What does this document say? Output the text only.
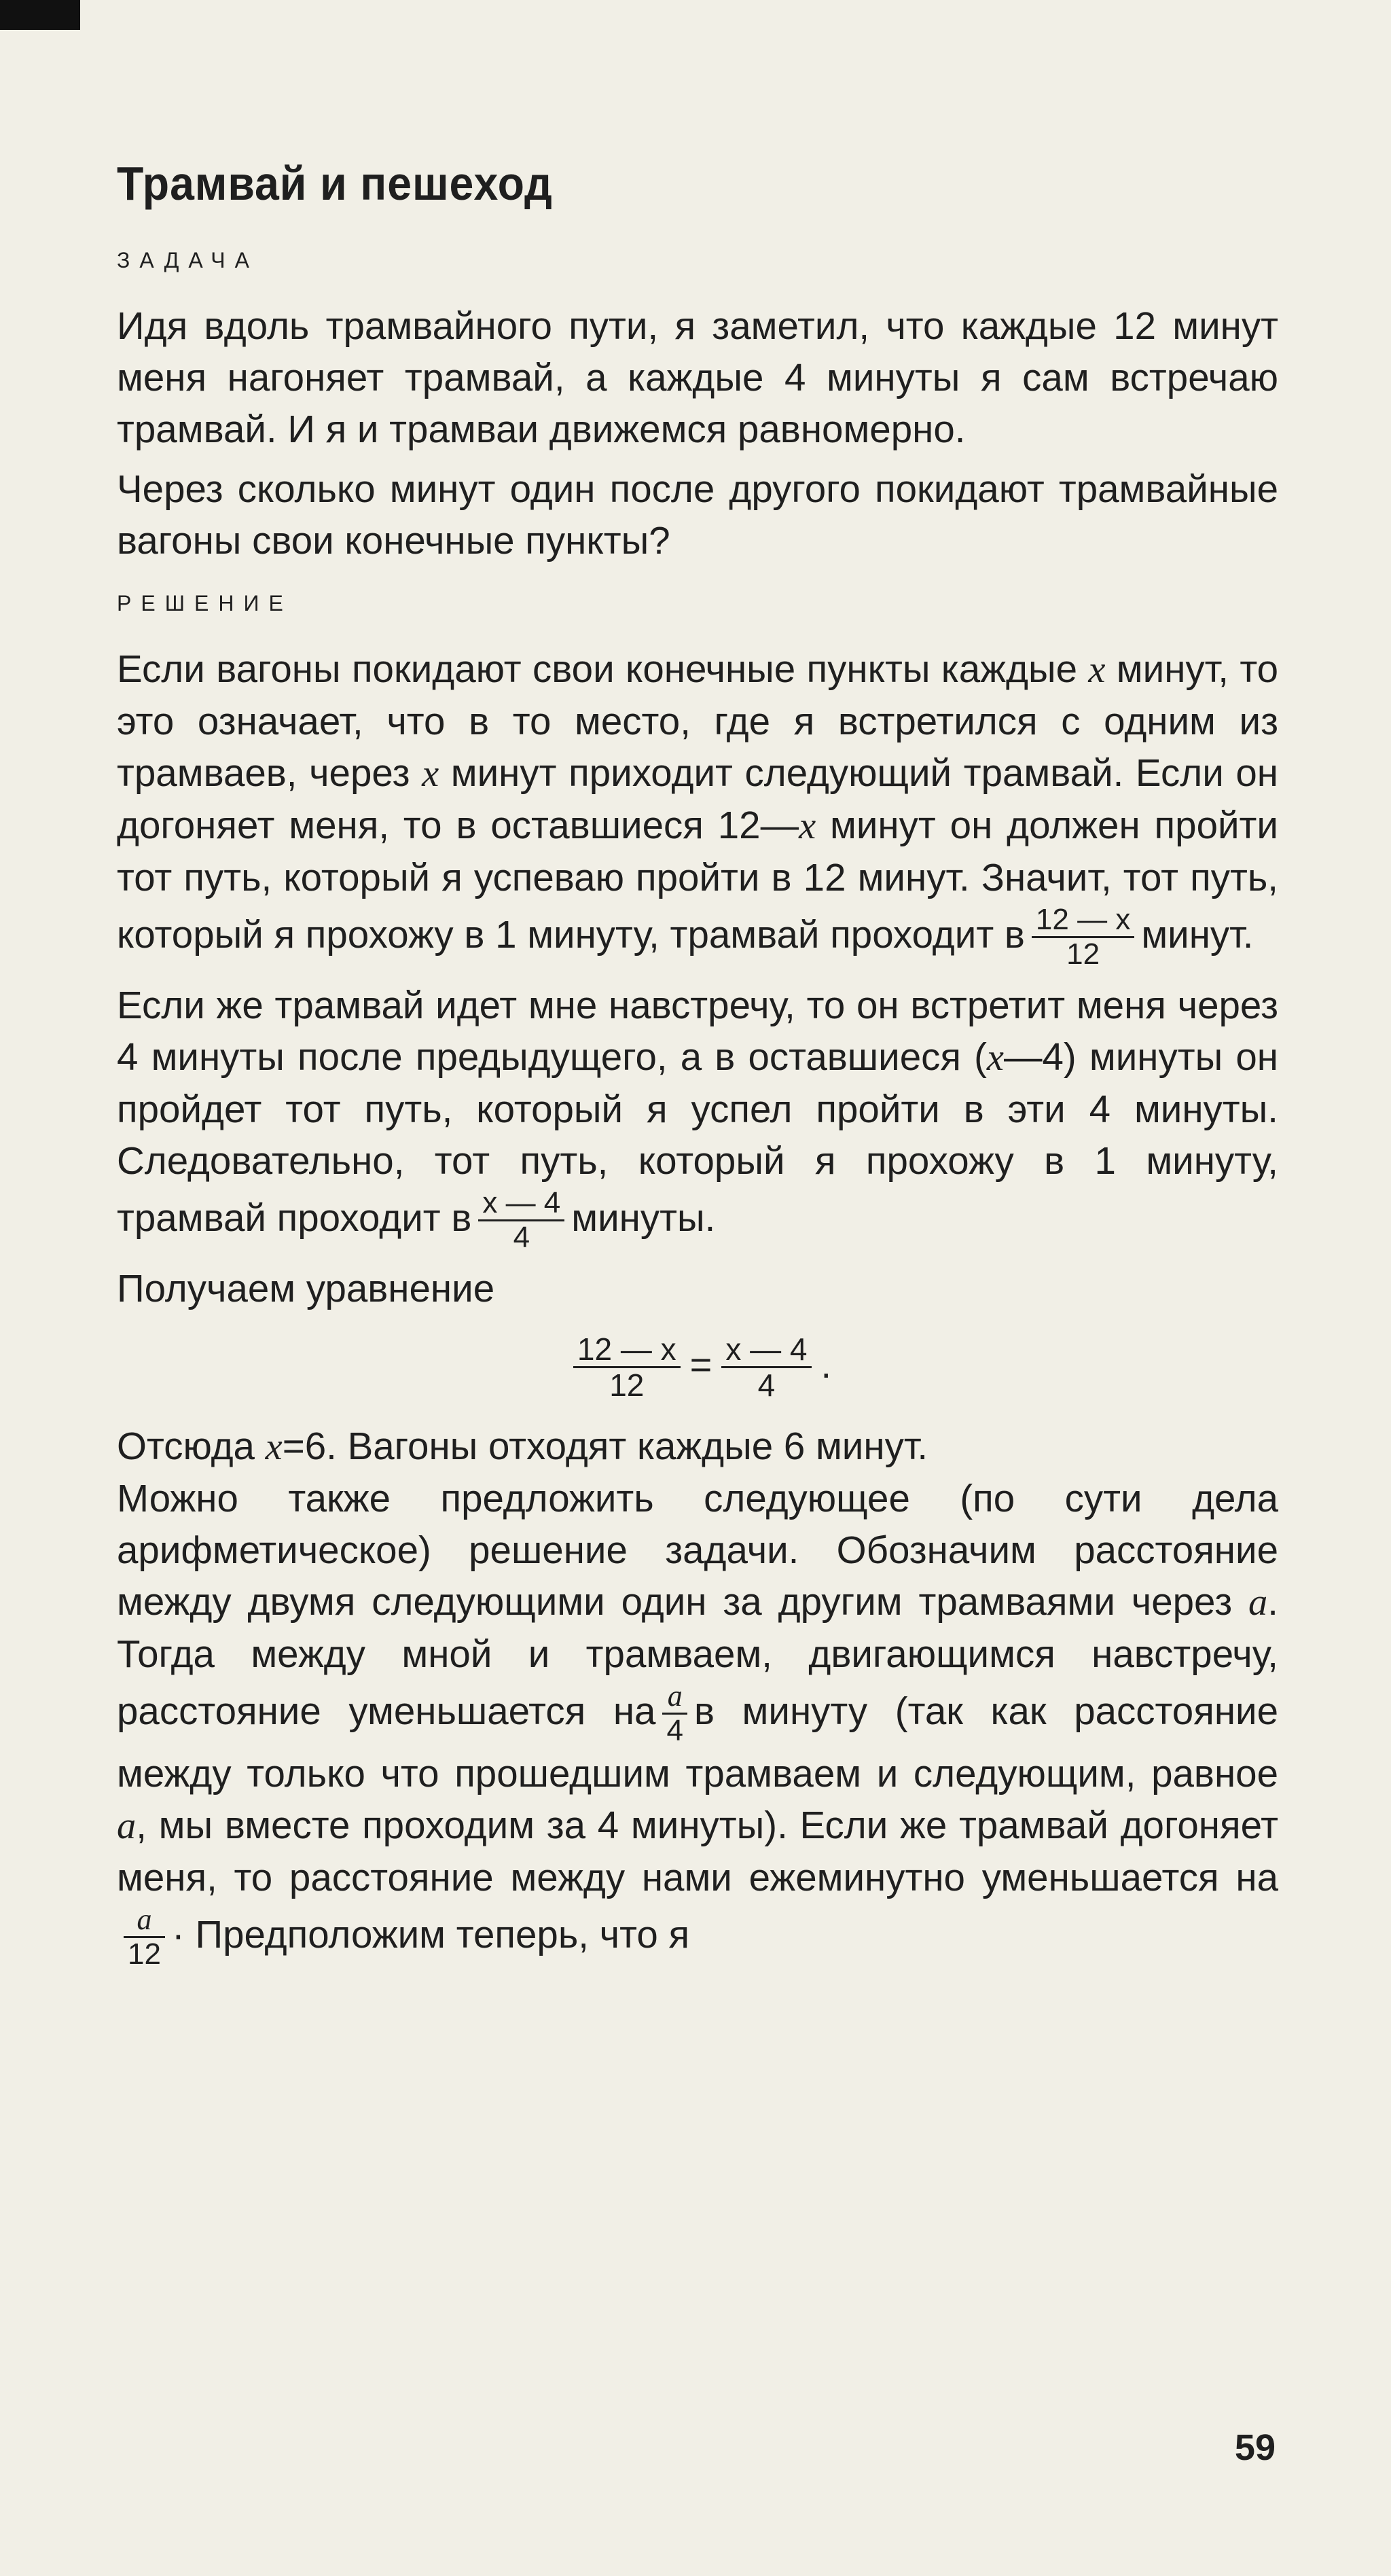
Трамвай и пешеход
ЗАДАЧА

Идя вдоль трамвайного пути, я заметил, что каждые 12 минут меня нагоняет трамвай, а каждые 4 минуты я сам встречаю трамвай. И я и трамваи движемся равномерно.

Через сколько минут один после другого покидают трамвайные вагоны свои конечные пункты?

РЕШЕНИЕ

Если вагоны покидают свои конечные пункты каждые x минут, то это означает, что в то место, где я встретился с одним из трамваев, через x минут приходит следующий трамвай. Если он догоняет меня, то в оставшиеся 12—x минут он должен пройти тот путь, который я успеваю пройти в 12 минут. Значит, тот путь, который я прохожу в 1 минуту, трамвай проходит в $\frac{12 — x}{12}$ минут.

Если же трамвай идет мне навстречу, то он встретит меня через 4 минуты после предыдущего, а в оставшиеся (x—4) минуты он пройдет тот путь, который я успел пройти в эти 4 минуты. Следовательно, тот путь, который я прохожу в 1 минуту, трамвай проходит в $\frac{x — 4}{4}$ минуты.

Получаем уравнение

$\frac{12 — x}{12} = \frac{x — 4}{4}$ .

Отсюда x=6. Вагоны отходят каждые 6 минут.

Можно также предложить следующее (по сути дела арифметическое) решение задачи. Обозначим расстояние между двумя следующими один за другим трамваями через a. Тогда между мной и трамваем, двигающимся навстречу, расстояние уменьшается на $\frac{a}{4}$ в минуту (так как расстояние между только что прошедшим трамваем и следующим, равное a, мы вместе проходим за 4 минуты). Если же трамвай догоняет меня, то расстояние между нами ежеминутно уменьшается на
$\frac{a}{12}$ · Предположим теперь, что я

59
